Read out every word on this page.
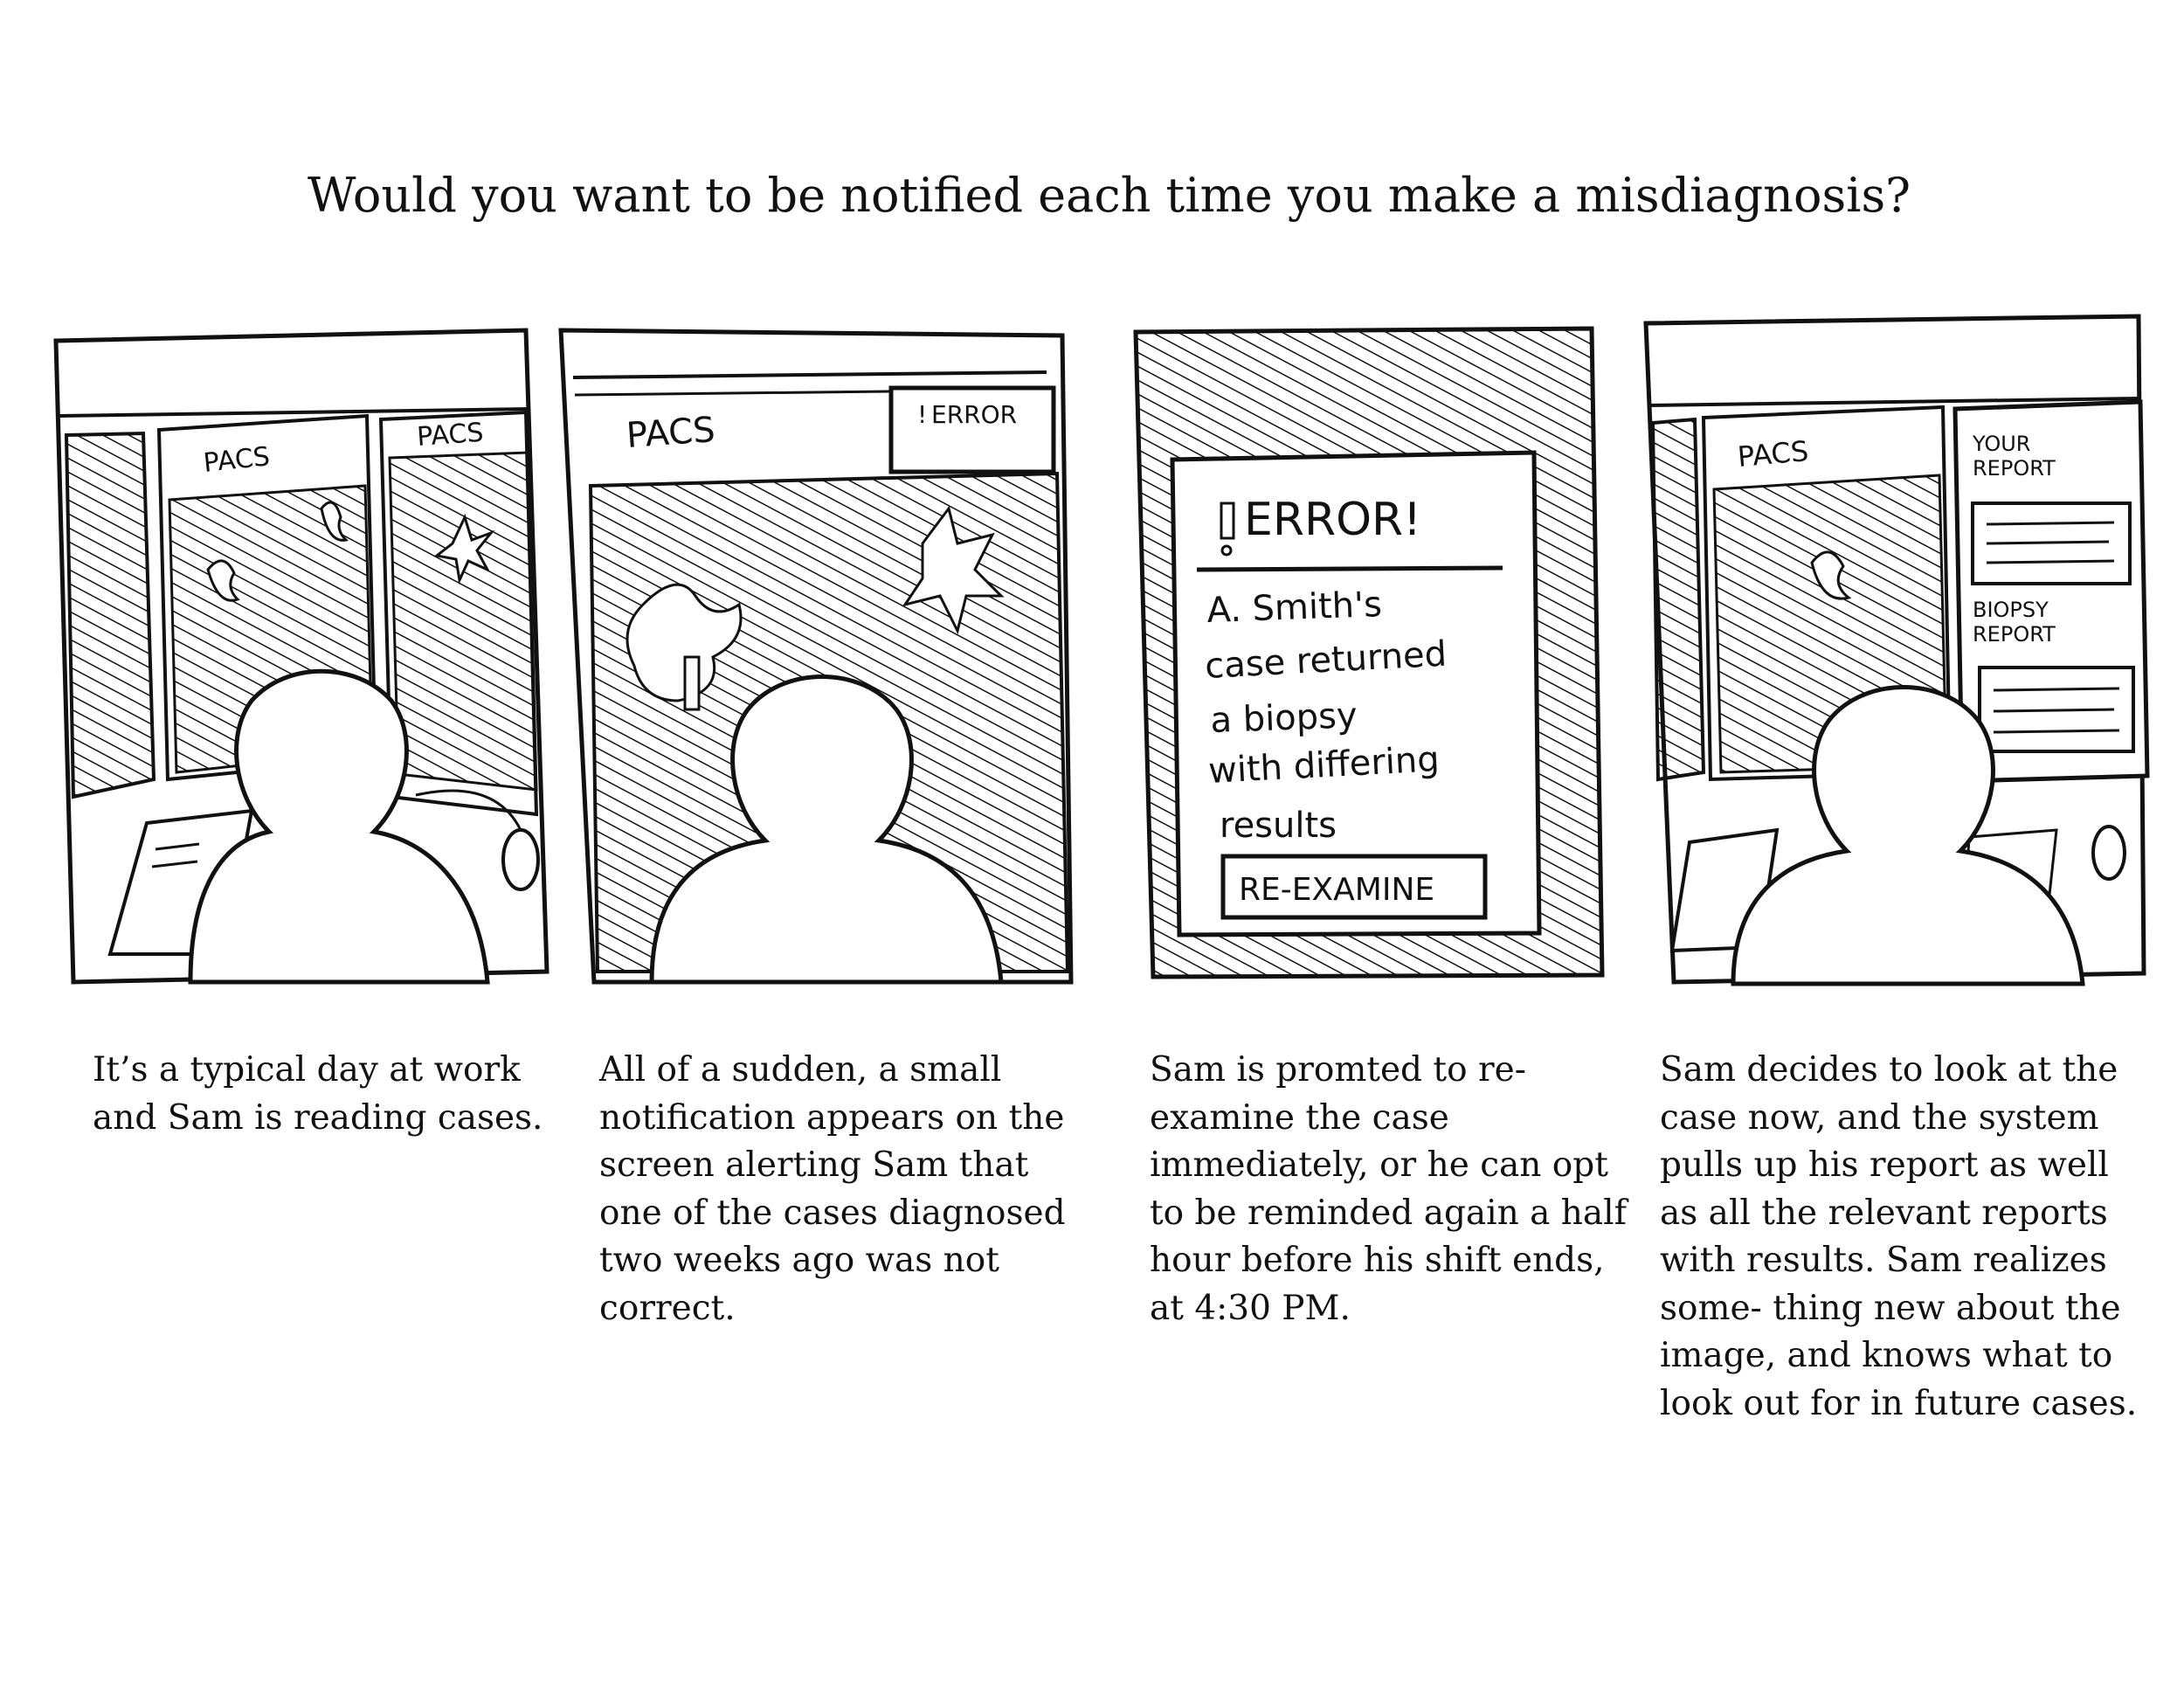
Would you want to be notified each time you make a misdiagnosis?
PACS
PACS
! ERROR
PACS
ERROR!
A. Smith's
case returned
a biopsy
with differing
results
RE-EXAMINE
PACS	YOUR
REPORT
BIOPSY
REPORT
It’s a typical day at work and Sam is reading cases.
All of a sudden, a small notification appears on the screen alerting Sam that one of the cases diagnosed two weeks ago was not correct.
Sam is promted to re-examine the case immediately, or he can opt to be reminded again a half hour before his shift ends, at 4:30 PM.
Sam decides to look at the case now, and the system pulls up his report as well as all the relevant reports with results. Sam realizes some- thing new about the image, and knows what to look out for in future cases.
